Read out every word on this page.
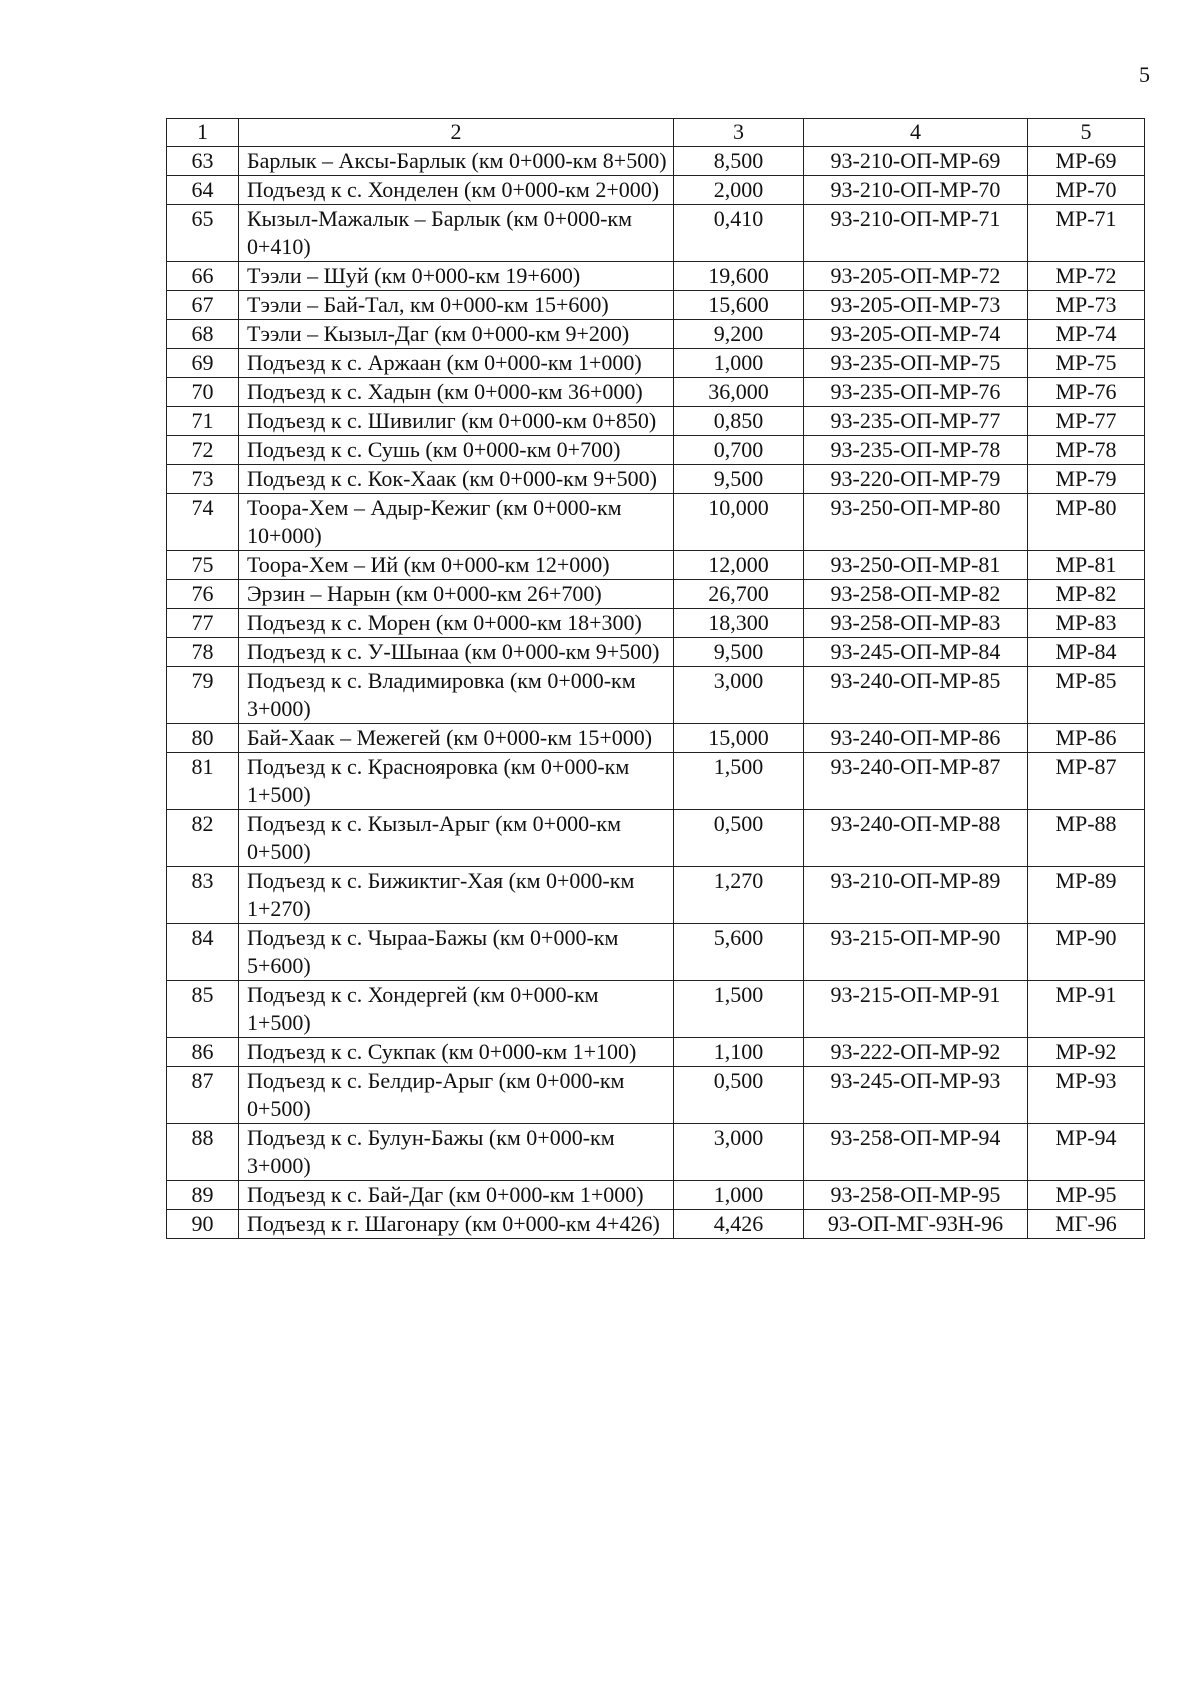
5
1	2	3	4	5
63	Барлык – Аксы-Барлык (км 0+000-км 8+500)	8,500	93-210-ОП-МР-69	МР-69
64	Подъезд к с. Хонделен (км 0+000-км 2+000)	2,000	93-210-ОП-МР-70	МР-70
65	Кызыл-Мажалык – Барлык (км 0+000-км 0+410)	0,410	93-210-ОП-МР-71	МР-71
66	Тээли – Шуй (км 0+000-км 19+600)	19,600	93-205-ОП-МР-72	МР-72
67	Тээли – Бай-Тал, км 0+000-км 15+600)	15,600	93-205-ОП-МР-73	МР-73
68	Тээли – Кызыл-Даг (км 0+000-км 9+200)	9,200	93-205-ОП-МР-74	МР-74
69	Подъезд к с. Аржаан (км 0+000-км 1+000)	1,000	93-235-ОП-МР-75	МР-75
70	Подъезд к с. Хадын (км 0+000-км 36+000)	36,000	93-235-ОП-МР-76	МР-76
71	Подъезд к с. Шивилиг (км 0+000-км 0+850)	0,850	93-235-ОП-МР-77	МР-77
72	Подъезд к с. Сушь (км 0+000-км 0+700)	0,700	93-235-ОП-МР-78	МР-78
73	Подъезд к с. Кок-Хаак (км 0+000-км 9+500)	9,500	93-220-ОП-МР-79	МР-79
74	Тоора-Хем – Адыр-Кежиг (км 0+000-км 10+000)	10,000	93-250-ОП-МР-80	МР-80
75	Тоора-Хем – Ий (км 0+000-км 12+000)	12,000	93-250-ОП-МР-81	МР-81
76	Эрзин – Нарын (км 0+000-км 26+700)	26,700	93-258-ОП-МР-82	МР-82
77	Подъезд к с. Морен (км 0+000-км 18+300)	18,300	93-258-ОП-МР-83	МР-83
78	Подъезд к с. У-Шынаа (км 0+000-км 9+500)	9,500	93-245-ОП-МР-84	МР-84
79	Подъезд к с. Владимировка (км 0+000-км 3+000)	3,000	93-240-ОП-МР-85	МР-85
80	Бай-Хаак – Межегей (км 0+000-км 15+000)	15,000	93-240-ОП-МР-86	МР-86
81	Подъезд к с. Краснояровка (км 0+000-км 1+500)	1,500	93-240-ОП-МР-87	МР-87
82	Подъезд к с. Кызыл-Арыг (км 0+000-км 0+500)	0,500	93-240-ОП-МР-88	МР-88
83	Подъезд к с. Бижиктиг-Хая (км 0+000-км 1+270)	1,270	93-210-ОП-МР-89	МР-89
84	Подъезд к с. Чыраа-Бажы (км 0+000-км 5+600)	5,600	93-215-ОП-МР-90	МР-90
85	Подъезд к с. Хондергей (км 0+000-км 1+500)	1,500	93-215-ОП-МР-91	МР-91
86	Подъезд к с. Сукпак (км 0+000-км 1+100)	1,100	93-222-ОП-МР-92	МР-92
87	Подъезд к с. Белдир-Арыг (км 0+000-км 0+500)	0,500	93-245-ОП-МР-93	МР-93
88	Подъезд к с. Булун-Бажы (км 0+000-км 3+000)	3,000	93-258-ОП-МР-94	МР-94
89	Подъезд к с. Бай-Даг (км 0+000-км 1+000)	1,000	93-258-ОП-МР-95	МР-95
90	Подъезд к г. Шагонару (км 0+000-км 4+426)	4,426	93-ОП-МГ-93Н-96	МГ-96
